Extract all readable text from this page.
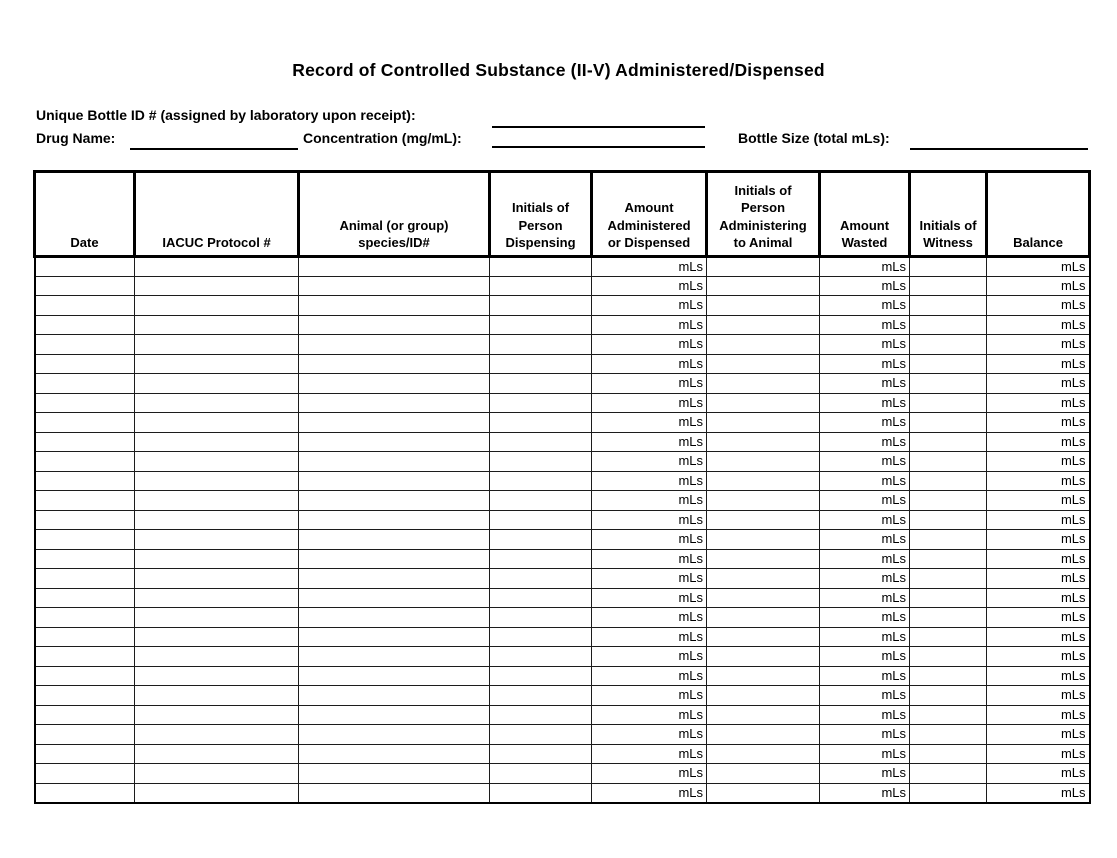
Record of Controlled Substance (II-V) Administered/Dispensed
Unique Bottle ID # (assigned by laboratory upon receipt):
Drug Name:	Concentration (mg/mL):	Bottle Size (total mLs):
Date	IACUC Protocol #	Animal (or group) species/ID#	Initials of Person Dispensing	Amount Administered or Dispensed	Initials of Person Administering to Animal	Amount Wasted	Initials of Witness	Balance
				mLs		mLs		mLs
				mLs		mLs		mLs
				mLs		mLs		mLs
				mLs		mLs		mLs
				mLs		mLs		mLs
				mLs		mLs		mLs
				mLs		mLs		mLs
				mLs		mLs		mLs
				mLs		mLs		mLs
				mLs		mLs		mLs
				mLs		mLs		mLs
				mLs		mLs		mLs
				mLs		mLs		mLs
				mLs		mLs		mLs
				mLs		mLs		mLs
				mLs		mLs		mLs
				mLs		mLs		mLs
				mLs		mLs		mLs
				mLs		mLs		mLs
				mLs		mLs		mLs
				mLs		mLs		mLs
				mLs		mLs		mLs
				mLs		mLs		mLs
				mLs		mLs		mLs
				mLs		mLs		mLs
				mLs		mLs		mLs
				mLs		mLs		mLs
				mLs		mLs		mLs
